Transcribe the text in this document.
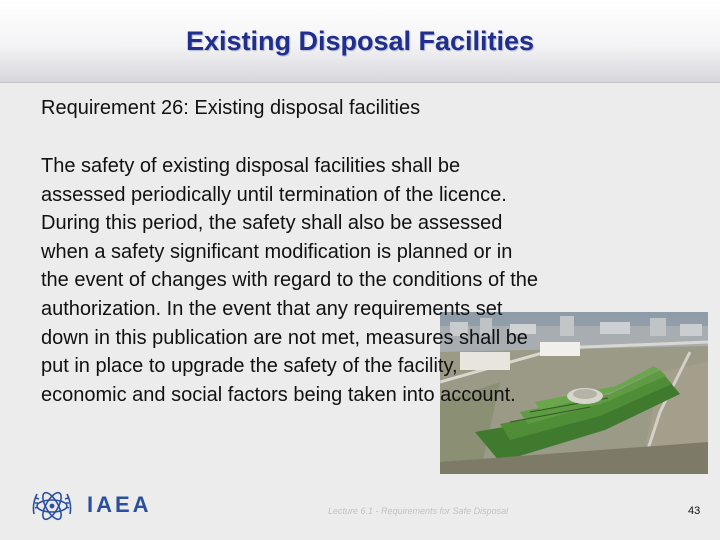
Existing Disposal Facilities
Requirement 26: Existing disposal facilities
The safety of existing disposal facilities shall be assessed periodically until termination of the licence. During this period, the safety shall also be assessed when a safety significant modification is planned or in the event of changes with regard to the conditions of the authorization. In the event that any requirements set down in this publication are not met, measures shall be put in place to upgrade the safety of the facility, economic and social factors being taken into account.
IAEA	Lecture 6.1 - Requirements for Safe Disposal	43
